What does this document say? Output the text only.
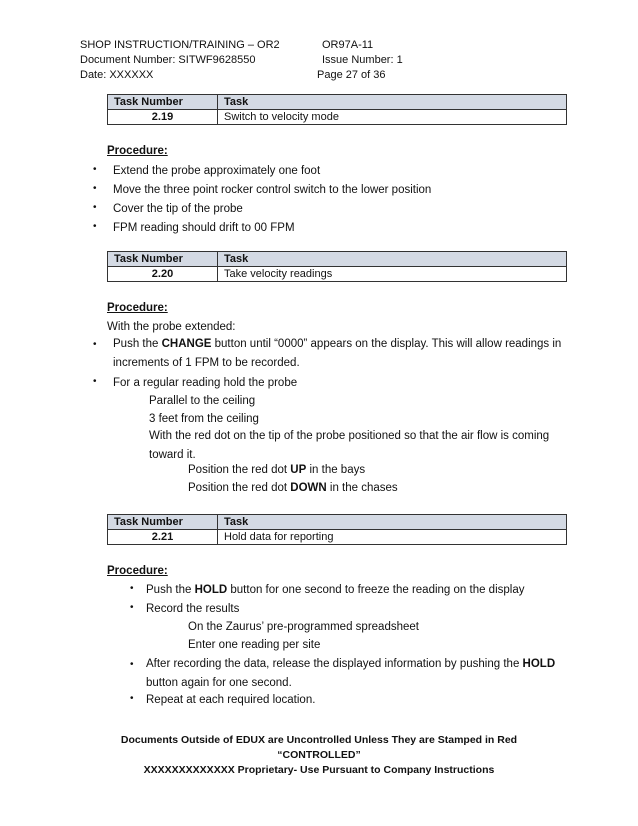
SHOP INSTRUCTION/TRAINING – OR2	OR97A-11
Document Number: SITWF9628550	Issue Number: 1
Date: XXXXXX	Page 27 of 36
Task Number	Task
2.19	Switch to velocity mode
Procedure:
• Extend the probe approximately one foot
• Move the three point rocker control switch to the lower position
• Cover the tip of the probe
• FPM reading should drift to 00 FPM
Task Number	Task
2.20	Take velocity readings
Procedure:
With the probe extended:
• Push the CHANGE button until “0000” appears on the display. This will allow readings in increments of 1 FPM to be recorded.
• For a regular reading hold the probe
Parallel to the ceiling
3 feet from the ceiling
With the red dot on the tip of the probe positioned so that the air flow is coming toward it.
Position the red dot UP in the bays
Position the red dot DOWN in the chases
Task Number	Task
2.21	Hold data for reporting
Procedure:
• Push the HOLD button for one second to freeze the reading on the display
• Record the results
On the Zaurus’ pre-programmed spreadsheet
Enter one reading per site
• After recording the data, release the displayed information by pushing the HOLD button again for one second.
• Repeat at each required location.
Documents Outside of EDUX are Uncontrolled Unless They are Stamped in Red
“CONTROLLED”
XXXXXXXXXXXXX Proprietary- Use Pursuant to Company Instructions
